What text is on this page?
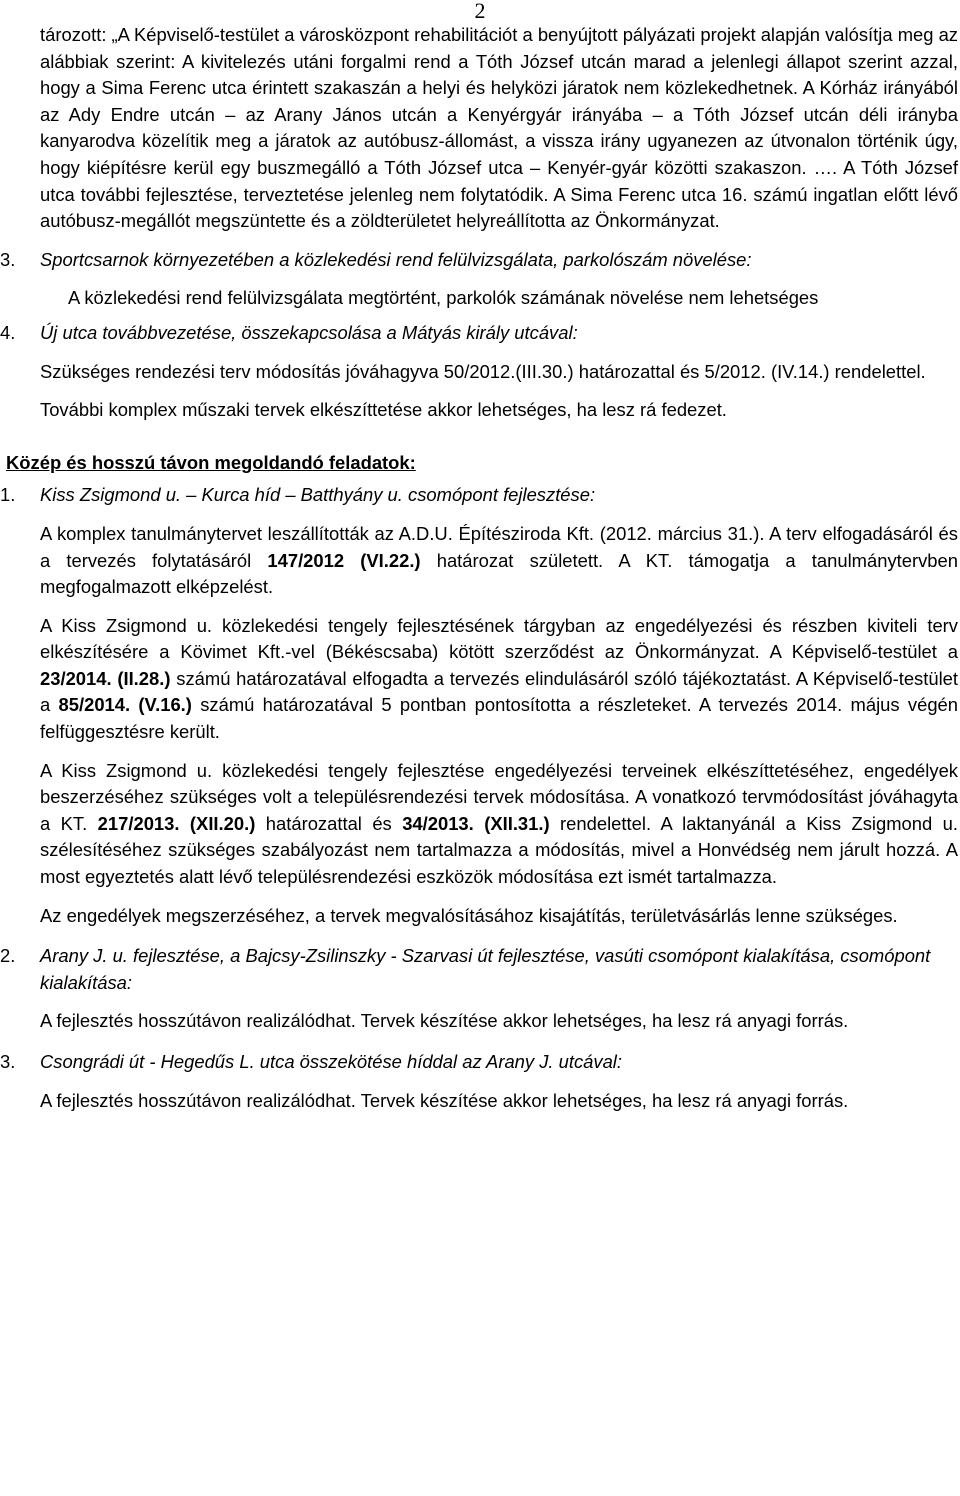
2

tározott: „A Képviselő-testület a városközpont rehabilitációt a benyújtott pályázati projekt alapján valósítja meg az alábbiak szerint: A kivitelezés utáni forgalmi rend a Tóth József utcán marad a jelenlegi állapot szerint azzal, hogy a Sima Ferenc utca érintett szakaszán a helyi és helyközi járatok nem közlekedhetnek. A Kórház irányából az Ady Endre utcán – az Arany János utcán a Kenyérgyár irányába – a Tóth József utcán déli irányba kanyarodva közelítik meg a járatok az autóbusz-állomást, a vissza irány ugyanezen az útvonalon történik úgy, hogy kiépítésre kerül egy buszmegálló a Tóth József utca – Kenyér-gyár közötti szakaszon. …. A Tóth József utca további fejlesztése, terveztetése jelenleg nem folytatódik. A Sima Ferenc utca 16. számú ingatlan előtt lévő autóbusz-megállót megszüntette és a zöldterületet helyreállította az Önkormányzat.

3. Sportcsarnok környezetében a közlekedési rend felülvizsgálata, parkolószám növelése:

A közlekedési rend felülvizsgálata megtörtént, parkolók számának növelése nem lehetséges

4. Új utca továbbvezetése, összekapcsolása a Mátyás király utcával:

Szükséges rendezési terv módosítás jóváhagyva 50/2012.(III.30.) határozattal és 5/2012. (IV.14.) rendelettel.

További komplex műszaki tervek elkészíttetése akkor lehetséges, ha lesz rá fedezet.

Közép és hosszú távon megoldandó feladatok:

1. Kiss Zsigmond u. – Kurca híd – Batthyány u. csomópont fejlesztése:

A komplex tanulmánytervet leszállították az A.D.U. Építésziroda Kft. (2012. március 31.). A terv elfogadásáról és a tervezés folytatásáról 147/2012 (VI.22.) határozat született. A KT. támogatja a tanulmánytervben megfogalmazott elképzelést.

A Kiss Zsigmond u. közlekedési tengely fejlesztésének tárgyban az engedélyezési és részben kiviteli terv elkészítésére a Kövimet Kft.-vel (Békéscsaba) kötött szerződést az Önkormányzat. A Képviselő-testület a 23/2014. (II.28.) számú határozatával elfogadta a tervezés elindulásáról szóló tájékoztatást. A Képviselő-testület a 85/2014. (V.16.) számú határozatával 5 pontban pontosította a részleteket. A tervezés 2014. május végén felfüggesztésre került.

A Kiss Zsigmond u. közlekedési tengely fejlesztése engedélyezési terveinek elkészíttetéséhez, engedélyek beszerzéséhez szükséges volt a településrendezési tervek módosítása. A vonatkozó tervmódosítást jóváhagyta a KT. 217/2013. (XII.20.) határozattal és 34/2013. (XII.31.) rendelettel. A laktanyánál a Kiss Zsigmond u. szélesítéséhez szükséges szabályozást nem tartalmazza a módosítás, mivel a Honvédség nem járult hozzá. A most egyeztetés alatt lévő településrendezési eszközök módosítása ezt ismét tartalmazza.

Az engedélyek megszerzéséhez, a tervek megvalósításához kisajátítás, területvásárlás lenne szükséges.

2. Arany J. u. fejlesztése, a Bajcsy-Zsilinszky - Szarvasi út fejlesztése, vasúti csomópont kialakítása, csomópont kialakítása:

A fejlesztés hosszútávon realizálódhat. Tervek készítése akkor lehetséges, ha lesz rá anyagi forrás.

3. Csongrádi út - Hegedűs L. utca összekötése híddal az Arany J. utcával:

A fejlesztés hosszútávon realizálódhat. Tervek készítése akkor lehetséges, ha lesz rá anyagi forrás.
